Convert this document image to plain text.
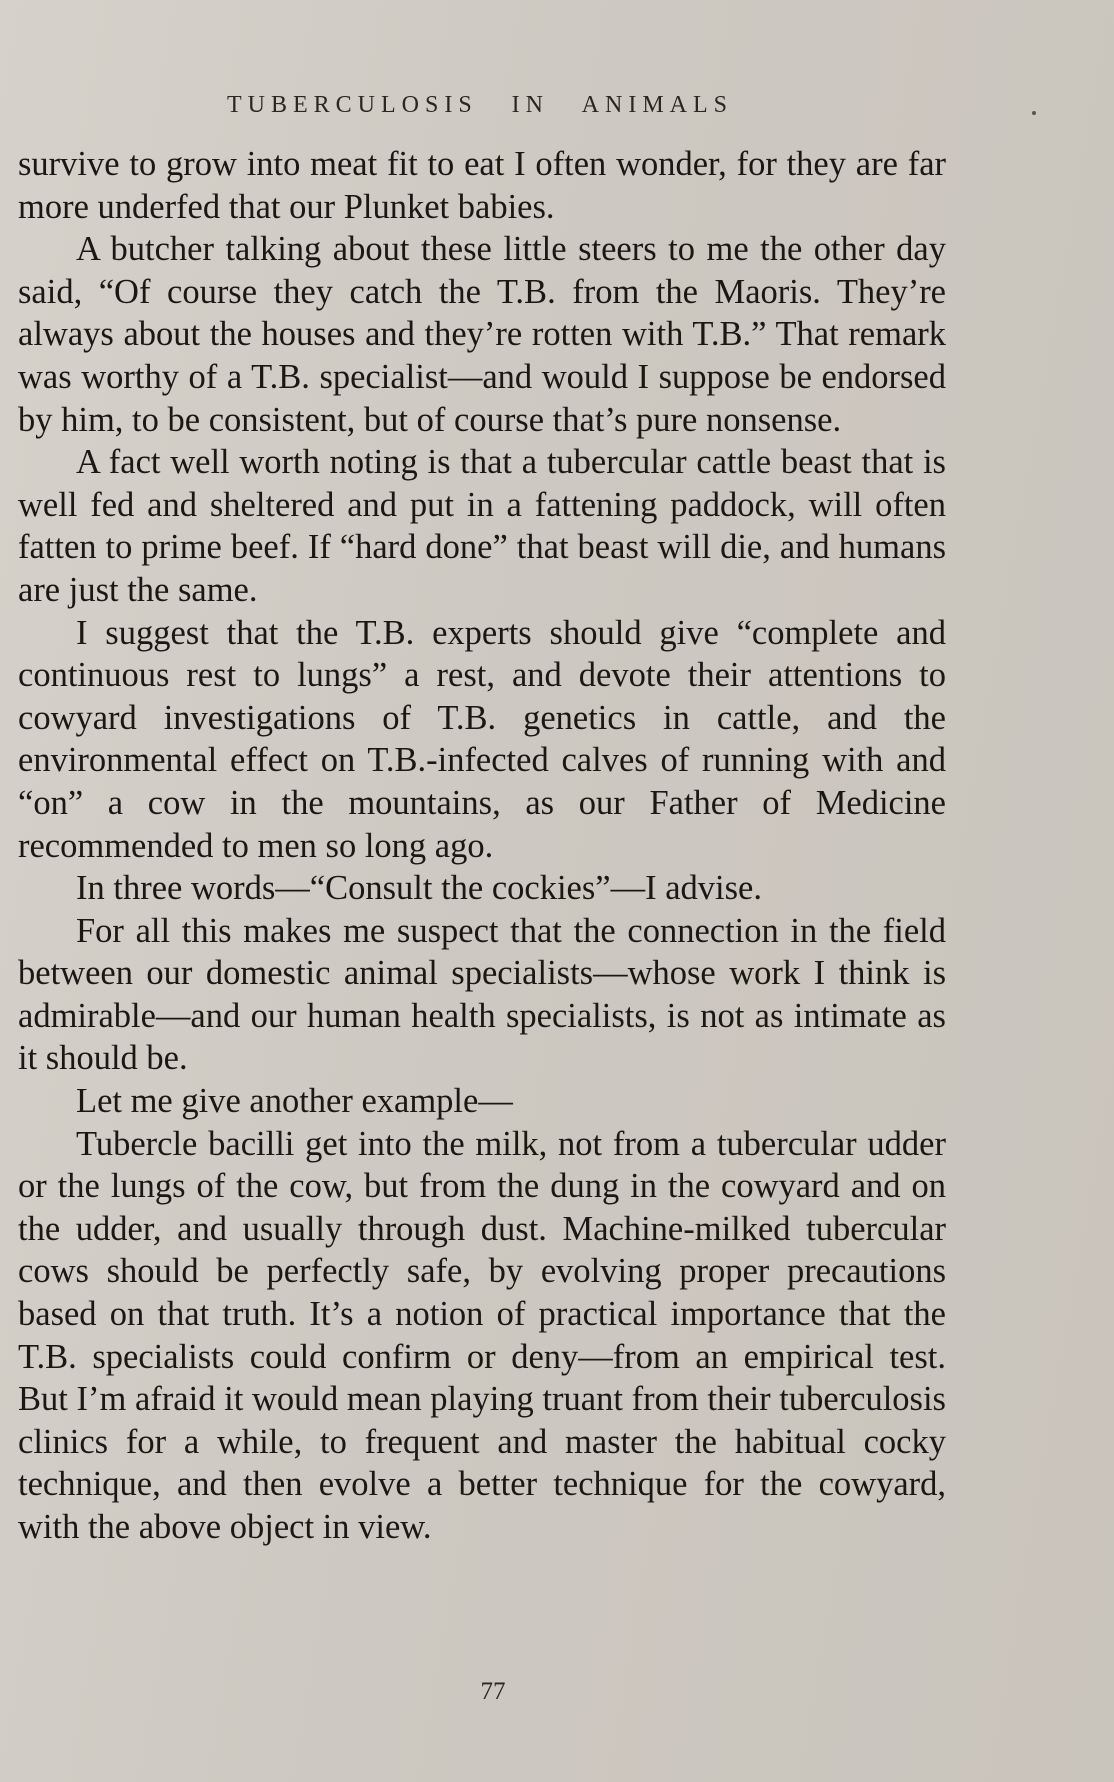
TUBERCULOSIS IN ANIMALS

survive to grow into meat fit to eat I often wonder, for they are far more underfed that our Plunket babies.

A butcher talking about these little steers to me the other day said, “Of course they catch the T.B. from the Maoris. They’re always about the houses and they’re rotten with T.B.” That remark was worthy of a T.B. specialist—and would I suppose be endorsed by him, to be consistent, but of course that’s pure nonsense.

A fact well worth noting is that a tubercular cattle beast that is well fed and sheltered and put in a fattening paddock, will often fatten to prime beef. If “hard done” that beast will die, and humans are just the same.

I suggest that the T.B. experts should give “complete and continuous rest to lungs” a rest, and devote their attentions to cowyard investigations of T.B. genetics in cattle, and the environmental effect on T.B.-infected calves of running with and “on” a cow in the mountains, as our Father of Medicine recommended to men so long ago.

In three words—“Consult the cockies”—I advise.

For all this makes me suspect that the connection in the field between our domestic animal specialists—whose work I think is admirable—and our human health specialists, is not as intimate as it should be.

Let me give another example—

Tubercle bacilli get into the milk, not from a tubercular udder or the lungs of the cow, but from the dung in the cowyard and on the udder, and usually through dust. Machine-milked tubercular cows should be perfectly safe, by evolving proper precautions based on that truth. It’s a notion of practical importance that the T.B. specialists could confirm or deny—from an empirical test. But I’m afraid it would mean playing truant from their tuberculosis clinics for a while, to frequent and master the habitual cocky technique, and then evolve a better technique for the cowyard, with the above object in view.

77
